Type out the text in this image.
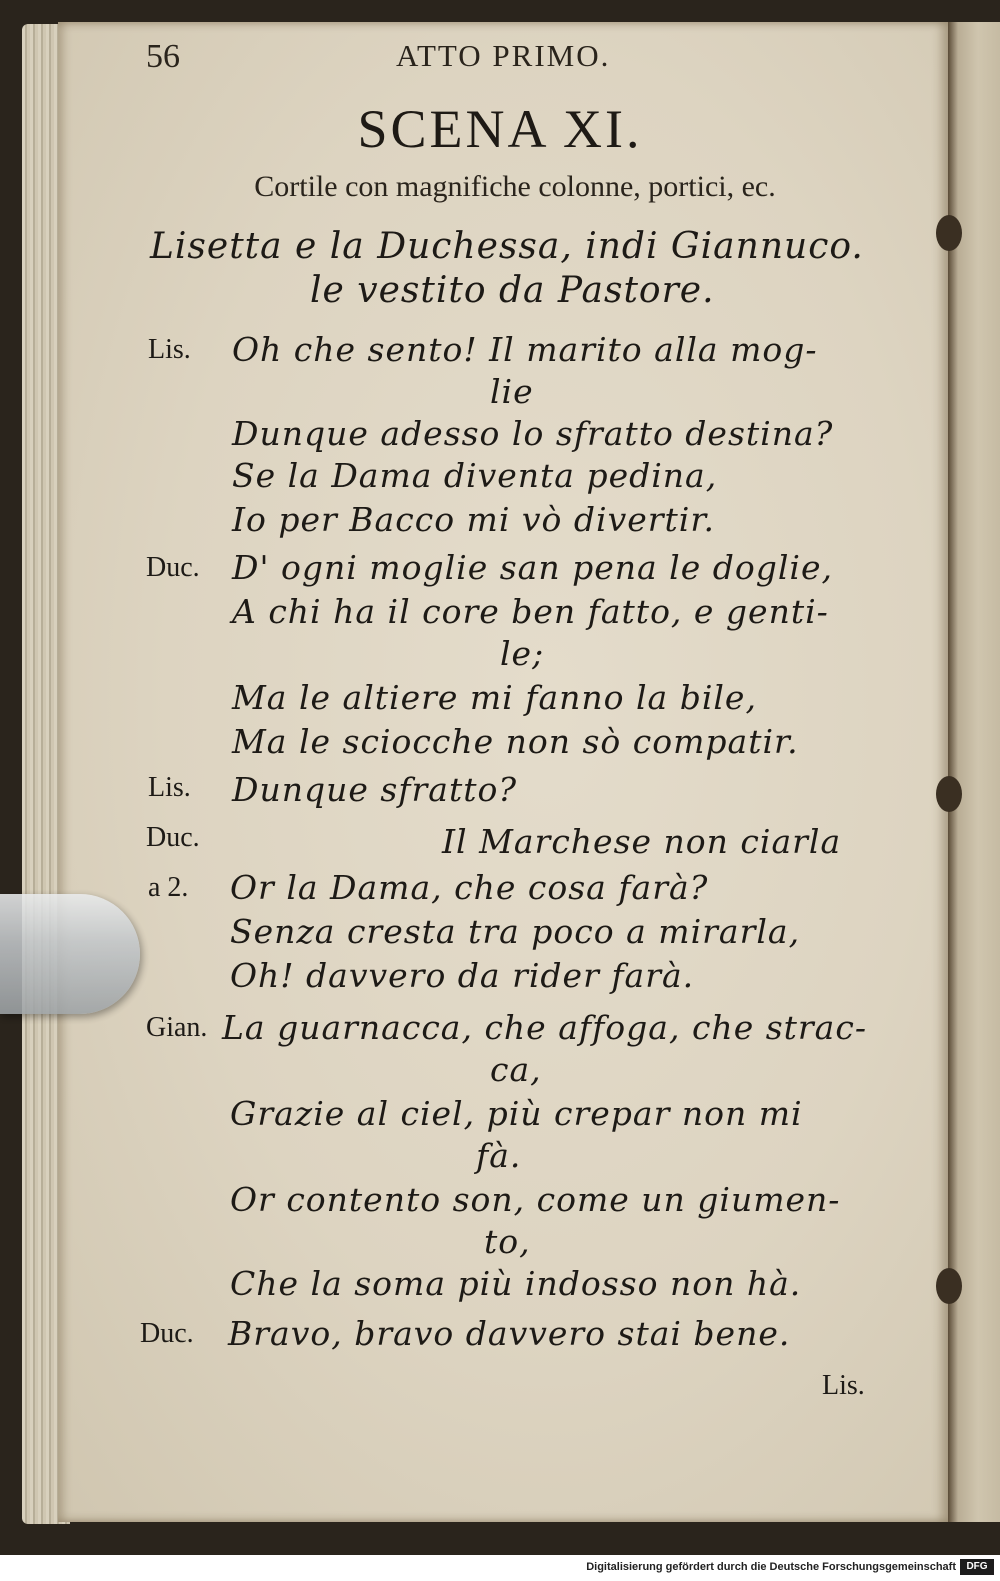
56	ATTO PRIMO.
SCENA XI.
Cortile con magnifiche colonne, portici, ec.
Lisetta e la Duchessa, indi Giannuco.
le vestito da Pastore.
Lis. Oh che sento! Il marito alla mog-
lie
Dunque adesso lo sfratto destina?
Se la Dama diventa pedina,
Io per Bacco mi vò divertir.
Duc. D' ogni moglie san pena le doglie,
A chi ha il core ben fatto, e genti-
le;
Ma le altiere mi fanno la bile,
Ma le sciocche non sò compatir.
Lis. Dunque sfratto?
Duc.	Il Marchese non ciarla
a 2. Or la Dama, che cosa farà?
Senza cresta tra poco a mirarla,
Oh! davvero da rider farà.
Gian. La guarnacca, che affoga, che strac-
ca,
Grazie al ciel, più crepar non mi
fà.
Or contento son, come un giumen-
to,
Che la soma più indosso non hà.
Duc. Bravo, bravo davvero stai bene.
Lis.
Digitalisierung gefördert durch die Deutsche Forschungsgemeinschaft	DFG
